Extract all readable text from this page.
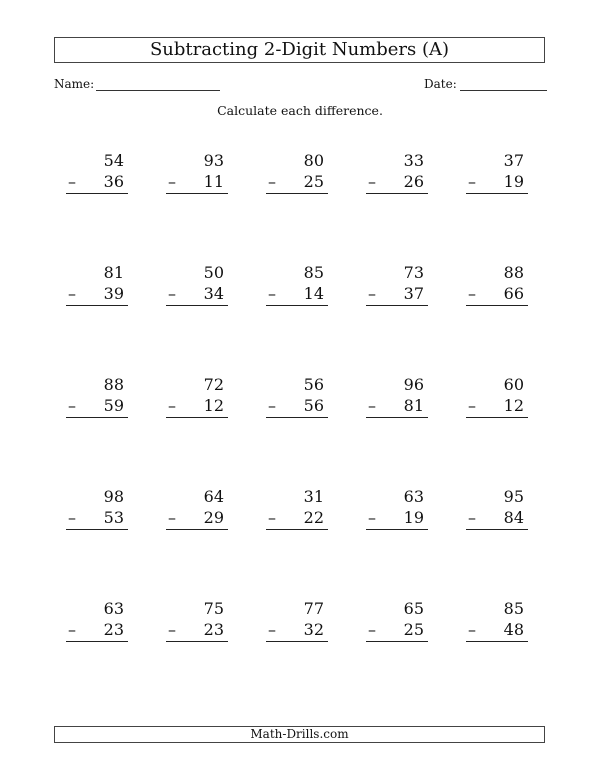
Subtracting 2-Digit Numbers (A)
Name:	Date:
Calculate each difference.
54
–	36
93
–	11
80
–	25
33
–	26
37
–	19
81
–	39
50
–	34
85
–	14
73
–	37
88
–	66
88
–	59
72
–	12
56
–	56
96
–	81
60
–	12
98
–	53
64
–	29
31
–	22
63
–	19
95
–	84
63
–	23
75
–	23
77
–	32
65
–	25
85
–	48
Math-Drills.com
